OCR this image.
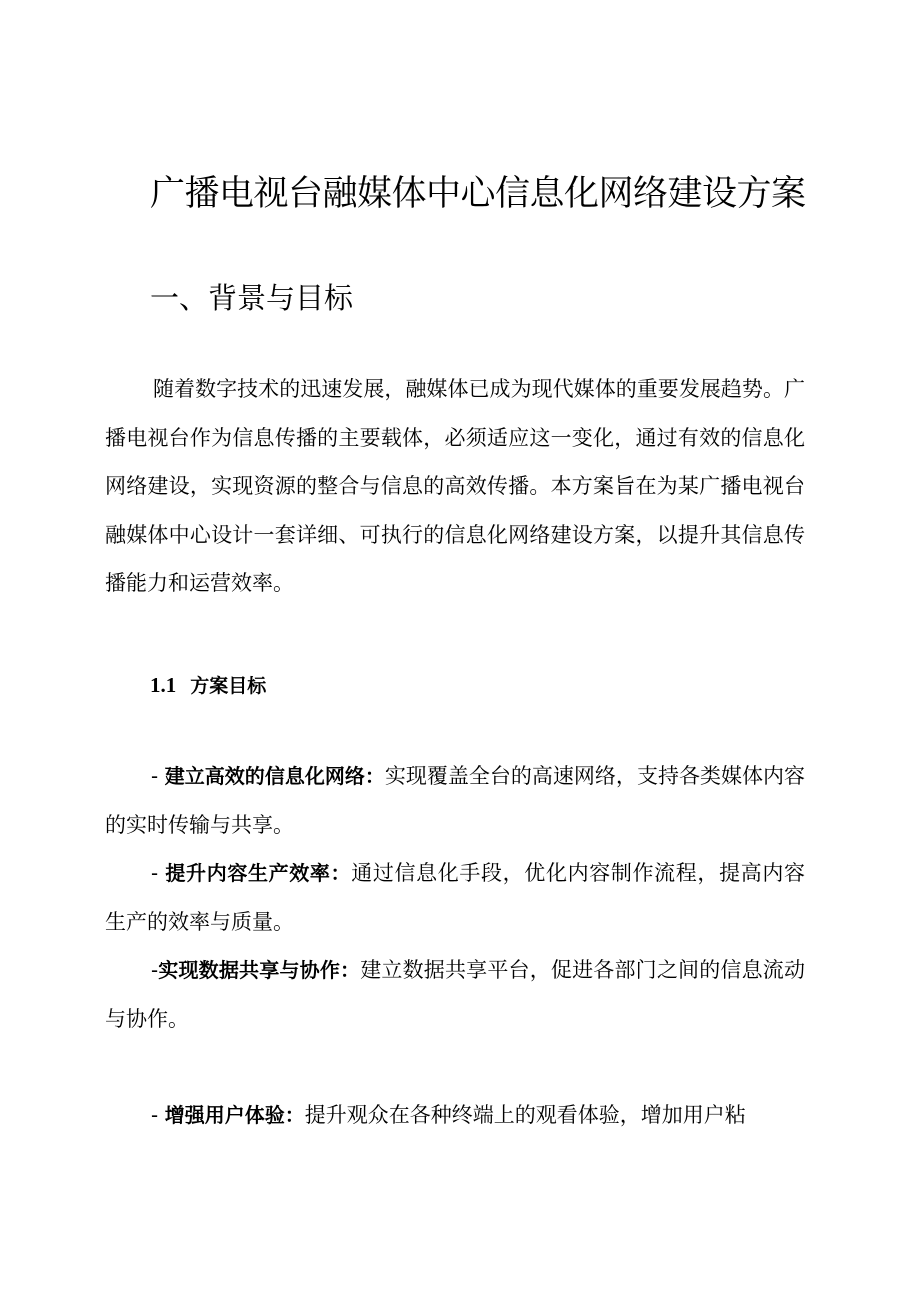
广播电视台融媒体中心信息化网络建设方案
一、背景与目标

随着数字技术的迅速发展，融媒体已成为现代媒体的重要发展趋势。广播电视台作为信息传播的主要载体，必须适应这一变化，通过有效的信息化网络建设，实现资源的整合与信息的高效传播。本方案旨在为某广播电视台融媒体中心设计一套详细、可执行的信息化网络建设方案，以提升其信息传播能力和运营效率。

1.1 方案目标

- 建立高效的信息化网络：实现覆盖全台的高速网络，支持各类媒体内容的实时传输与共享。

- 提升内容生产效率：通过信息化手段，优化内容制作流程，提高内容生产的效率与质量。

-实现数据共享与协作：建立数据共享平台，促进各部门之间的信息流动与协作。

- 增强用户体验：提升观众在各种终端上的观看体验，增加用户粘
